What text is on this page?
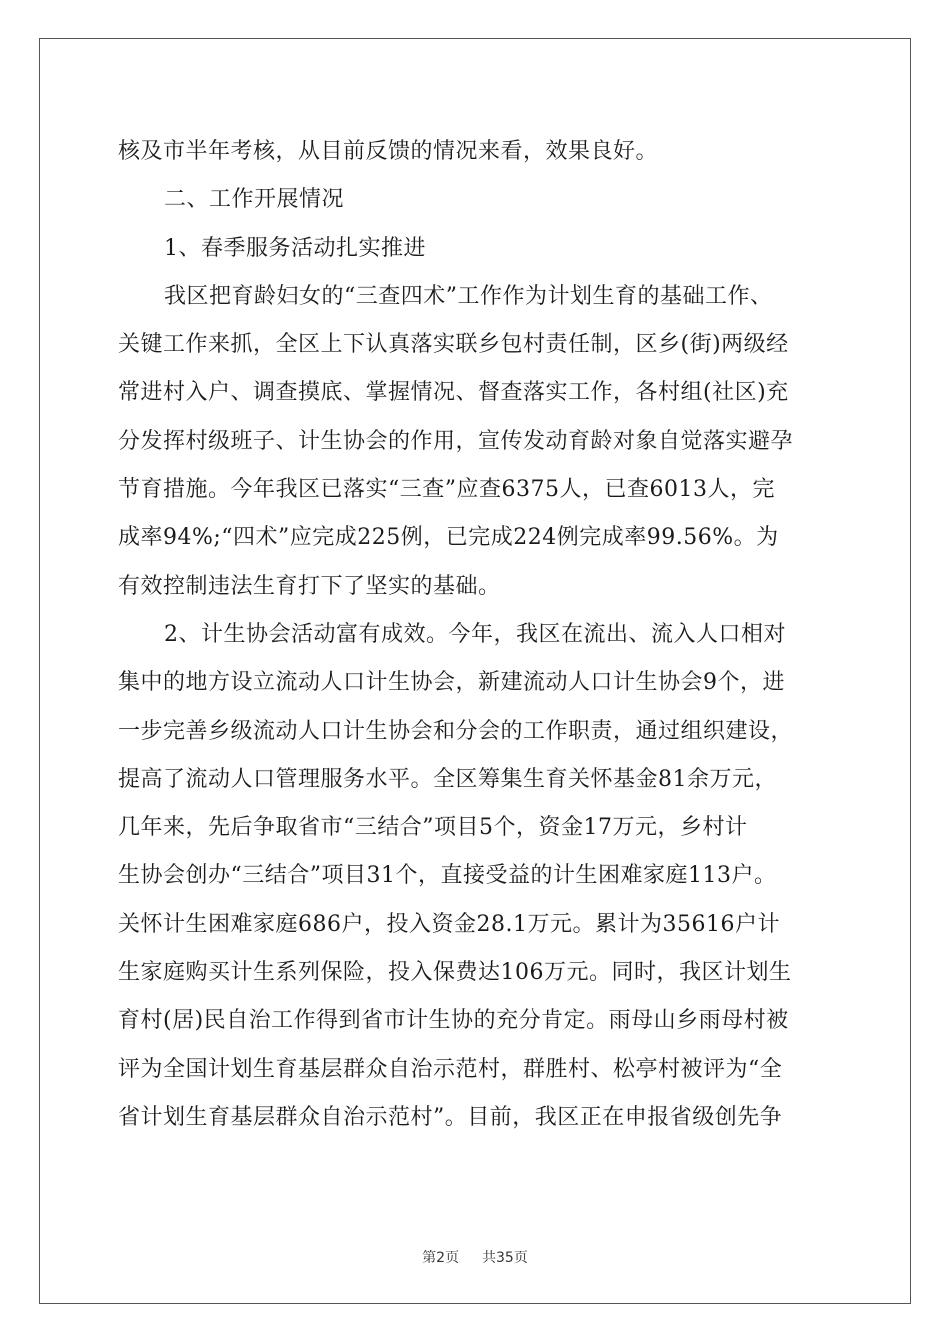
核及市半年考核，从目前反馈的情况来看，效果良好。
二、工作开展情况
1、春季服务活动扎实推进
我区把育龄妇女的“三查四术”工作作为计划生育的基础工作、
关键工作来抓，全区上下认真落实联乡包村责任制，区乡(街)两级经
常进村入户、调查摸底、掌握情况、督查落实工作，各村组(社区)充
分发挥村级班子、计生协会的作用，宣传发动育龄对象自觉落实避孕
节育措施。今年我区已落实“三查”应查6375人，已查6013人，完
成率94%;“四术”应完成225例，已完成224例完成率99.56%。为
有效控制违法生育打下了坚实的基础。
2、计生协会活动富有成效。今年，我区在流出、流入人口相对
集中的地方设立流动人口计生协会，新建流动人口计生协会9个，进
一步完善乡级流动人口计生协会和分会的工作职责，通过组织建设，
提高了流动人口管理服务水平。全区筹集生育关怀基金81余万元，
几年来，先后争取省市“三结合”项目5个，资金17万元，乡村计
生协会创办“三结合”项目31个，直接受益的计生困难家庭113户。
关怀计生困难家庭686户，投入资金28.1万元。累计为35616户计
生家庭购买计生系列保险，投入保费达106万元。同时，我区计划生
育村(居)民自治工作得到省市计生协的充分肯定。雨母山乡雨母村被
评为全国计划生育基层群众自治示范村，群胜村、松亭村被评为“全
省计划生育基层群众自治示范村”。目前，我区正在申报省级创先争
第2页 共35页
